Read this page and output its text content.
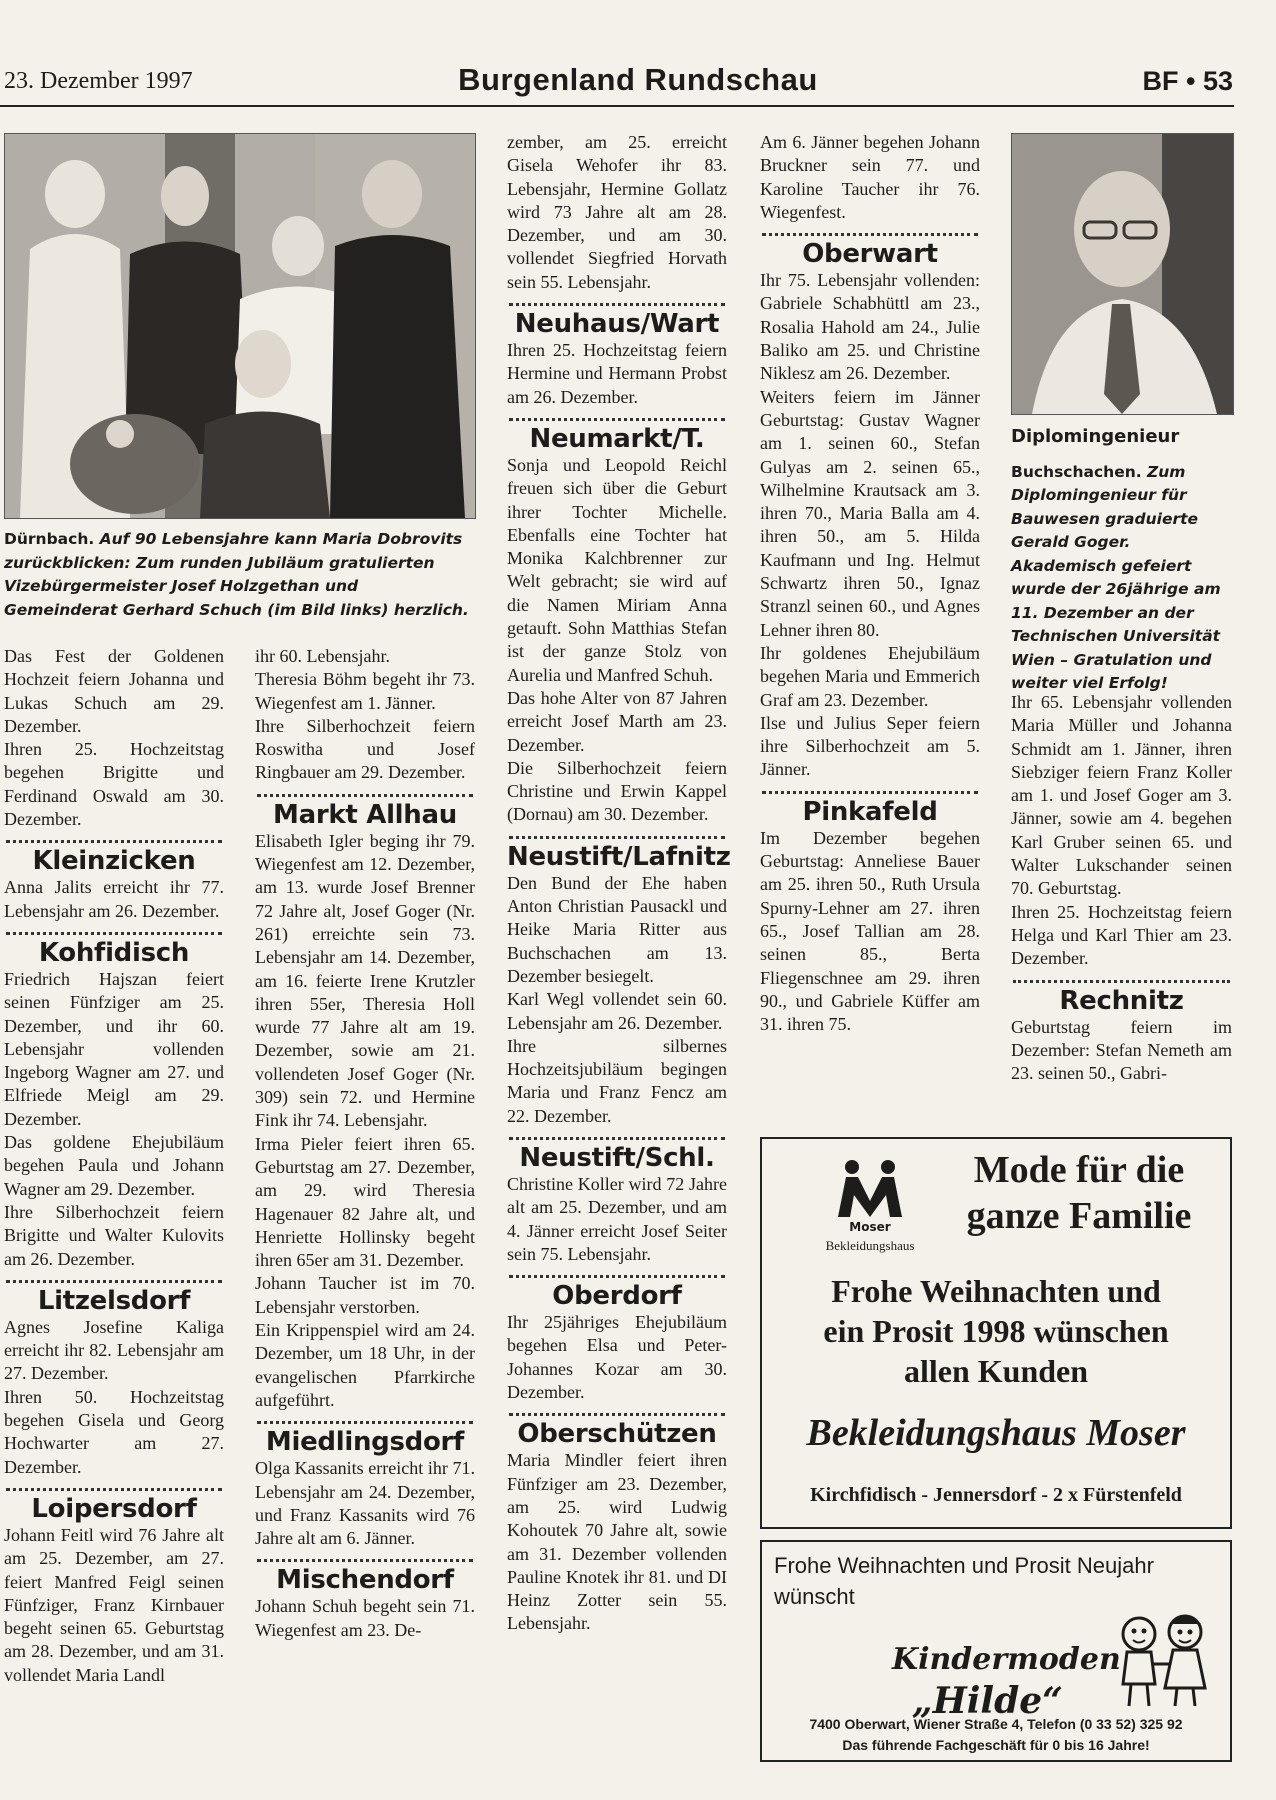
23. Dezember 1997	Burgenland Rundschau	BF • 53
Dürnbach. Auf 90 Lebensjahre kann Maria Dobrovits zurückblicken: Zum runden Jubiläum gratulierten Vizebürgermeister Josef Holzgethan und Gemeinderat Gerhard Schuch (im Bild links) herzlich.

Das Fest der Goldenen Hochzeit feiern Johanna und Lukas Schuch am 29. Dezember.

Ihren 25. Hochzeitstag begehen Brigitte und Ferdinand Oswald am 30. Dezember.

Kleinzicken

Anna Jalits erreicht ihr 77. Lebensjahr am 26. Dezember.

Kohfidisch

Friedrich Hajszan feiert seinen Fünfziger am 25. Dezember, und ihr 60. Lebensjahr vollenden Ingeborg Wagner am 27. und Elfriede Meigl am 29. Dezember.

Das goldene Ehejubiläum begehen Paula und Johann Wagner am 29. Dezember.

Ihre Silberhochzeit feiern Brigitte und Walter Kulovits am 26. Dezember.

Litzelsdorf

Agnes Josefine Kaliga erreicht ihr 82. Lebensjahr am 27. Dezember.

Ihren 50. Hochzeitstag begehen Gisela und Georg Hochwarter am 27. Dezember.

Loipersdorf

Johann Feitl wird 76 Jahre alt am 25. Dezember, am 27. feiert Manfred Feigl seinen Fünfziger, Franz Kirnbauer begeht seinen 65. Geburtstag am 28. Dezember, und am 31. vollendet Maria Landl

ihr 60. Lebensjahr.

Theresia Böhm begeht ihr 73. Wiegenfest am 1. Jänner.

Ihre Silberhochzeit feiern Roswitha und Josef Ringbauer am 29. Dezember.

Markt Allhau

Elisabeth Igler beging ihr 79. Wiegenfest am 12. Dezember, am 13. wurde Josef Brenner 72 Jahre alt, Josef Goger (Nr. 261) erreichte sein 73. Lebensjahr am 14. Dezember, am 16. feierte Irene Krutzler ihren 55er, Theresia Holl wurde 77 Jahre alt am 19. Dezember, sowie am 21. vollendeten Josef Goger (Nr. 309) sein 72. und Hermine Fink ihr 74. Lebensjahr.

Irma Pieler feiert ihren 65. Geburtstag am 27. Dezember, am 29. wird Theresia Hagenauer 82 Jahre alt, und Henriette Hollinsky begeht ihren 65er am 31. Dezember.

Johann Taucher ist im 70. Lebensjahr verstorben.

Ein Krippenspiel wird am 24. Dezember, um 18 Uhr, in der evangelischen Pfarrkirche aufgeführt.

Miedlingsdorf

Olga Kassanits erreicht ihr 71. Lebensjahr am 24. Dezember, und Franz Kassanits wird 76 Jahre alt am 6. Jänner.

Mischendorf

Johann Schuh begeht sein 71. Wiegenfest am 23. De-

zember, am 25. erreicht Gisela Wehofer ihr 83. Lebensjahr, Hermine Gollatz wird 73 Jahre alt am 28. Dezember, und am 30. vollendet Siegfried Horvath sein 55. Lebensjahr.

Neuhaus/Wart

Ihren 25. Hochzeitstag feiern Hermine und Hermann Probst am 26. Dezember.

Neumarkt/T.

Sonja und Leopold Reichl freuen sich über die Geburt ihrer Tochter Michelle. Ebenfalls eine Tochter hat Monika Kalchbrenner zur Welt gebracht; sie wird auf die Namen Miriam Anna getauft. Sohn Matthias Stefan ist der ganze Stolz von Aurelia und Manfred Schuh.

Das hohe Alter von 87 Jahren erreicht Josef Marth am 23. Dezember.

Die Silberhochzeit feiern Christine und Erwin Kappel (Dornau) am 30. Dezember.

Neustift/Lafnitz

Den Bund der Ehe haben Anton Christian Pausackl und Heike Maria Ritter aus Buchschachen am 13. Dezember besiegelt.

Karl Wegl vollendet sein 60. Lebensjahr am 26. Dezember.

Ihre silbernes Hochzeitsjubiläum begingen Maria und Franz Fencz am 22. Dezember.

Neustift/Schl.

Christine Koller wird 72 Jahre alt am 25. Dezember, und am 4. Jänner erreicht Josef Seiter sein 75. Lebensjahr.

Oberdorf

Ihr 25jähriges Ehejubiläum begehen Elsa und Peter-Johannes Kozar am 30. Dezember.

Oberschützen

Maria Mindler feiert ihren Fünfziger am 23. Dezember, am 25. wird Ludwig Kohoutek 70 Jahre alt, sowie am 31. Dezember vollenden Pauline Knotek ihr 81. und DI Heinz Zotter sein 55. Lebensjahr.

Am 6. Jänner begehen Johann Bruckner sein 77. und Karoline Taucher ihr 76. Wiegenfest.

Oberwart

Ihr 75. Lebensjahr vollenden: Gabriele Schabhüttl am 23., Rosalia Hahold am 24., Julie Baliko am 25. und Christine Niklesz am 26. Dezember.

Weiters feiern im Jänner Geburtstag: Gustav Wagner am 1. seinen 60., Stefan Gulyas am 2. seinen 65., Wilhelmine Krautsack am 3. ihren 70., Maria Balla am 4. ihren 50., am 5. Hilda Kaufmann und Ing. Helmut Schwartz ihren 50., Ignaz Stranzl seinen 60., und Agnes Lehner ihren 80.

Ihr goldenes Ehejubiläum begehen Maria und Emmerich Graf am 23. Dezember.

Ilse und Julius Seper feiern ihre Silberhochzeit am 5. Jänner.

Pinkafeld

Im Dezember begehen Geburtstag: Anneliese Bauer am 25. ihren 50., Ruth Ursula Spurny-Lehner am 27. ihren 65., Josef Tallian am 28. seinen 85., Berta Fliegenschnee am 29. ihren 90., und Gabriele Küffer am 31. ihren 75.

Diplomingenieur
Buchschachen. Zum Diplomingenieur für Bauwesen graduierte Gerald Goger. Akademisch gefeiert wurde der 26jährige am 11. Dezember an der Technischen Universität Wien – Gratulation und weiter viel Erfolg!

Ihr 65. Lebensjahr vollenden Maria Müller und Johanna Schmidt am 1. Jänner, ihren Siebziger feiern Franz Koller am 1. und Josef Goger am 3. Jänner, sowie am 4. begehen Karl Gruber seinen 65. und Walter Lukschander seinen 70. Geburtstag.

Ihren 25. Hochzeitstag feiern Helga und Karl Thier am 23. Dezember.

Rechnitz

Geburtstag feiern im Dezember: Stefan Nemeth am 23. seinen 50., Gabri-

Moser
Bekleidungshaus
Mode für die ganze Familie
Frohe Weihnachten und
ein Prosit 1998 wünschen
allen Kunden
Bekleidungshaus Moser
Kirchfidisch - Jennersdorf - 2 x Fürstenfeld
Frohe Weihnachten und Prosit Neujahr wünscht
Kindermoden
„Hilde“
7400 Oberwart, Wiener Straße 4, Telefon (0 33 52) 325 92
Das führende Fachgeschäft für 0 bis 16 Jahre!
